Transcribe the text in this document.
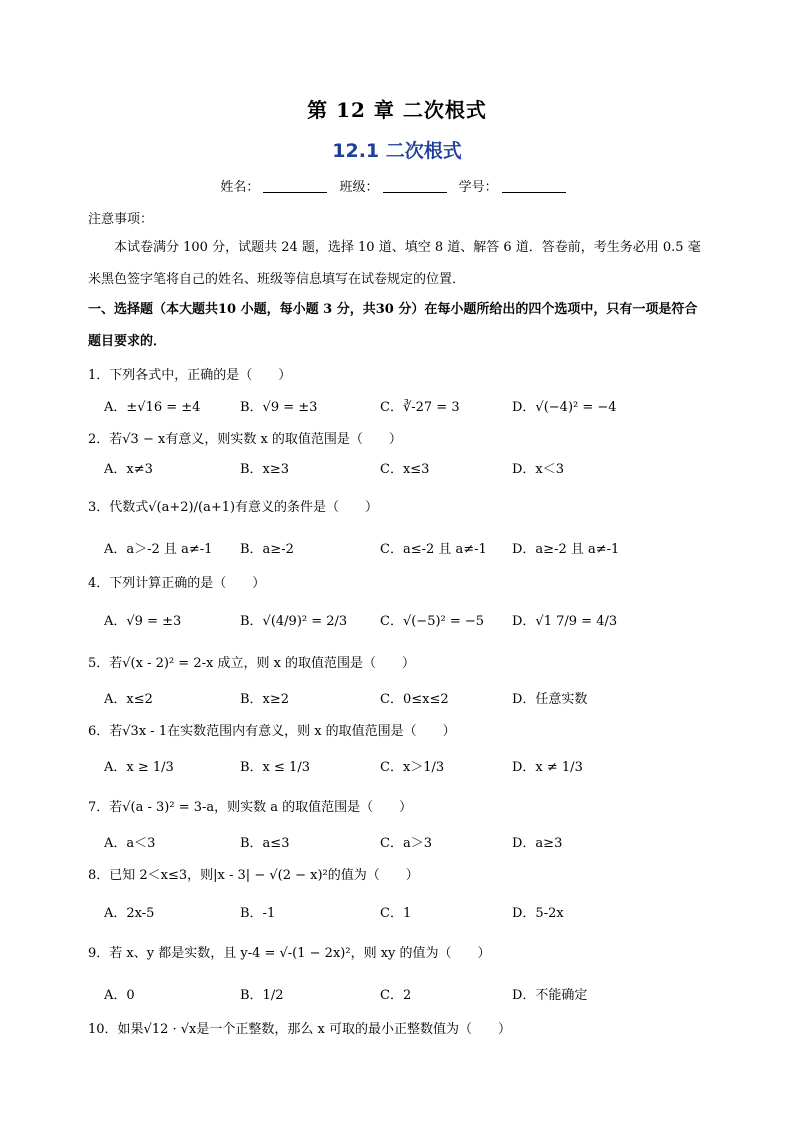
第 12 章 二次根式
12.1 二次根式
姓名：	班级：	学号：
注意事项：
本试卷满分 100 分，试题共 24 题，选择 10 道、填空 8 道、解答 6 道．答卷前，考生务必用 0.5 毫米黑色签字笔将自己的姓名、班级等信息填写在试卷规定的位置．
一、选择题（本大题共10 小题，每小题 3 分，共30 分）在每小题所给出的四个选项中，只有一项是符合题目要求的．
1．下列各式中，正确的是（　　）
A．±√16 = ±4	B．√9 = ±3	C．∛-27 = 3	D．√(−4)² = −4
2．若√3 − x有意义，则实数 x 的取值范围是（　　）
A．x≠3	B．x≥3	C．x≤3	D．x＜3
3．代数式√(a+2)/(a+1)有意义的条件是（　　）
A．a＞-2 且 a≠-1 B．a≥-2	C．a≤-2 且 a≠-1 D．a≥-2 且 a≠-1
4．下列计算正确的是（　　）
A．√9 = ±3	B．√(4/9)² = 2/3	C．√(−5)² = −5 D．√1 7/9 = 4/3
5．若√(x - 2)² = 2-x 成立，则 x 的取值范围是（　　）
A．x≤2	B．x≥2	C．0≤x≤2	D．任意实数
6．若√3x - 1在实数范围内有意义，则 x 的取值范围是（　　）
A．x ≥ 1/3	B．x ≤ 1/3	C．x＞1/3	D．x ≠ 1/3
7．若√(a - 3)² = 3-a，则实数 a 的取值范围是（　　）
A．a＜3	B．a≤3	C．a＞3	D．a≥3
8．已知 2＜x≤3，则|x - 3| − √(2 − x)²的值为（　　）
A．2x-5	B．-1	C．1	D．5-2x
9．若 x、y 都是实数，且 y-4 = √-(1 − 2x)²，则 xy 的值为（　　）
A．0	B．1/2	C．2	D．不能确定
10．如果√12 · √x是一个正整数，那么 x 可取的最小正整数值为（　　）
